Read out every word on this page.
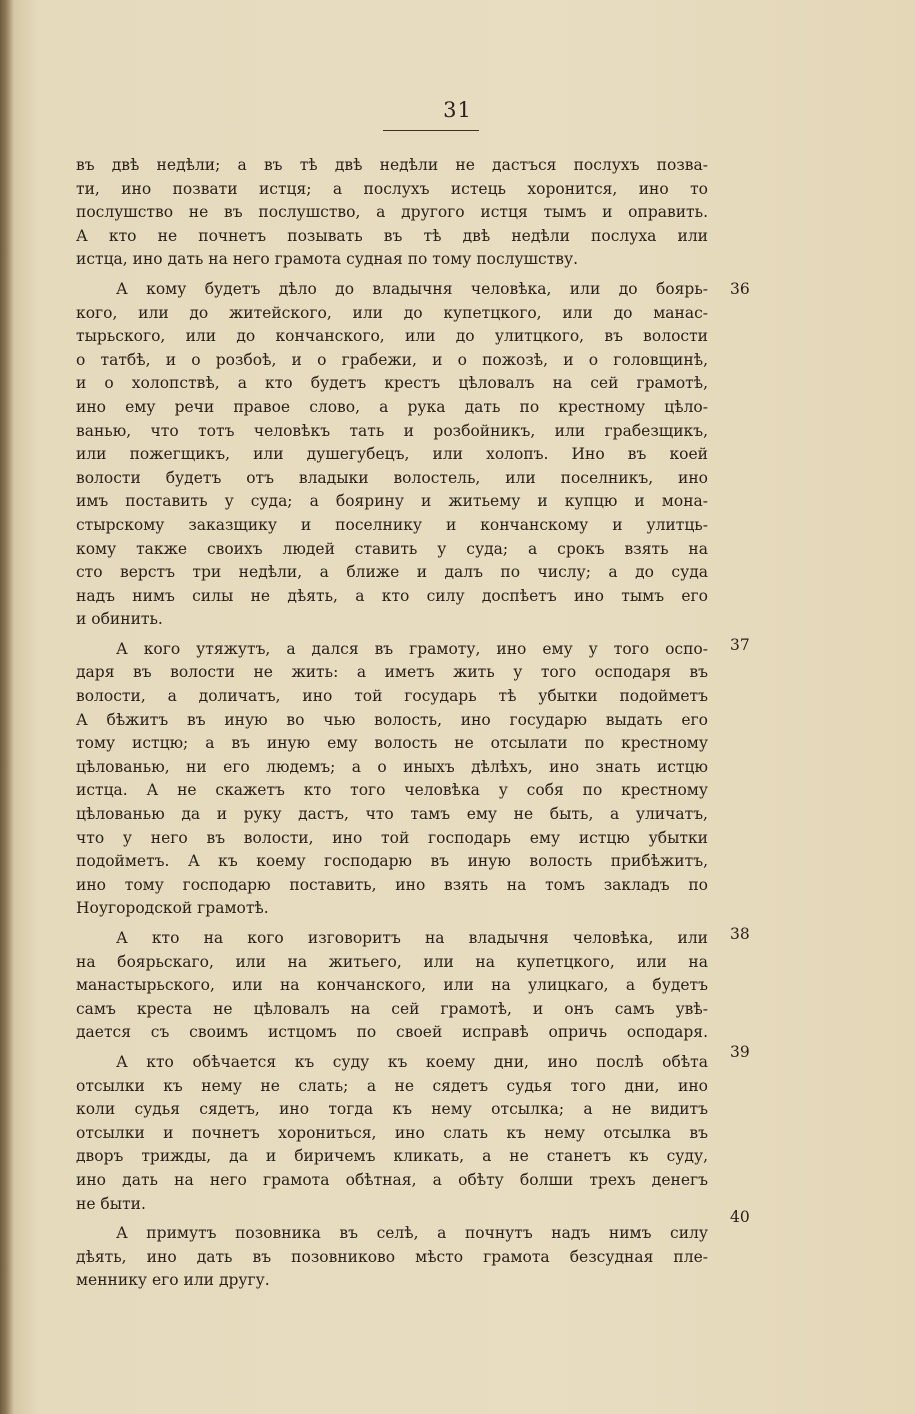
31
въ двѣ недѣли; а въ тѣ двѣ недѣли не дастъся послухъ позва-
ти, ино позвати истця; а послухъ истець хоронится, ино то
послушство не въ послушство, а другого истця тымъ и оправить.
А кто не почнетъ позывать въ тѣ двѣ недѣли послуха или
истца, ино дать на него грамота судная по тому послушству.
А кому будетъ дѣло до владычня человѣка, или до боярь-
кого, или до житейского, или до купетцкого, или до манас-
тырьского, или до кончанского, или до улитцкого, въ волости
о татбѣ, и о розбоѣ, и о грабежи, и о пожозѣ, и о головщинѣ,
и о холопствѣ, а кто будетъ крестъ цѣловалъ на сей грамотѣ,
ино ему речи правое слово, а рука дать по крестному цѣло-
ванью, что тотъ человѣкъ тать и розбойникъ, или грабезщикъ,
или пожегщикъ, или душегубецъ, или холопъ. Ино въ коей
волости будетъ отъ владыки волостель, или поселникъ, ино
имъ поставить у суда; а боярину и житьему и купцю и мона-
стырскому заказщику и поселнику и кончанскому и улитць-
кому также своихъ людей ставить у суда; а срокъ взять на
сто верстъ три недѣли, а ближе и далъ по числу; а до суда
надъ нимъ силы не дѣять, а кто силу доспѣетъ ино тымъ его
и обинить.
А кого утяжутъ, а дался въ грамоту, ино ему у того оспо-
даря въ волости не жить: а иметъ жить у того осподаря въ
волости, а доличатъ, ино той государь тѣ убытки подойметъ
А бѣжитъ въ иную во чью волость, ино государю выдать его
тому истцю; а въ иную ему волость не отсылати по крестному
цѣлованью, ни его людемъ; а о иныхъ дѣлѣхъ, ино знать истцю
истца. А не скажетъ кто того человѣка у собя по крестному
цѣлованью да и руку дастъ, что тамъ ему не быть, а уличатъ,
что у него въ волости, ино той господарь ему истцю убытки
подойметъ. А къ коему господарю въ иную волость прибѣжитъ,
ино тому господарю поставить, ино взять на томъ закладъ по
Ноугородской грамотѣ.
А кто на кого изговоритъ на владычня человѣка, или
на боярьскаго, или на житьего, или на купетцкого, или на
манастырьского, или на кончанского, или на улицкаго, а будетъ
самъ креста не цѣловалъ на сей грамотѣ, и онъ самъ увѣ-
дается съ своимъ истцомъ по своей исправѣ опричь осподаря.
А кто обѣчается къ суду къ коему дни, ино послѣ обѣта
отсылки къ нему не слать; а не сядетъ судья того дни, ино
коли судья сядетъ, ино тогда къ нему отсылка; а не видитъ
отсылки и почнетъ хорониться, ино слать къ нему отсылка въ
дворъ трижды, да и биричемъ кликать, а не станетъ къ суду,
ино дать на него грамота обѣтная, а обѣту болши трехъ денегъ
не быти.
А примутъ позовника въ селѣ, а почнутъ надъ нимъ силу
дѣять, ино дать въ позовниково мѣсто грамота безсудная пле-
меннику его или другу.
36
37
38
39
40
